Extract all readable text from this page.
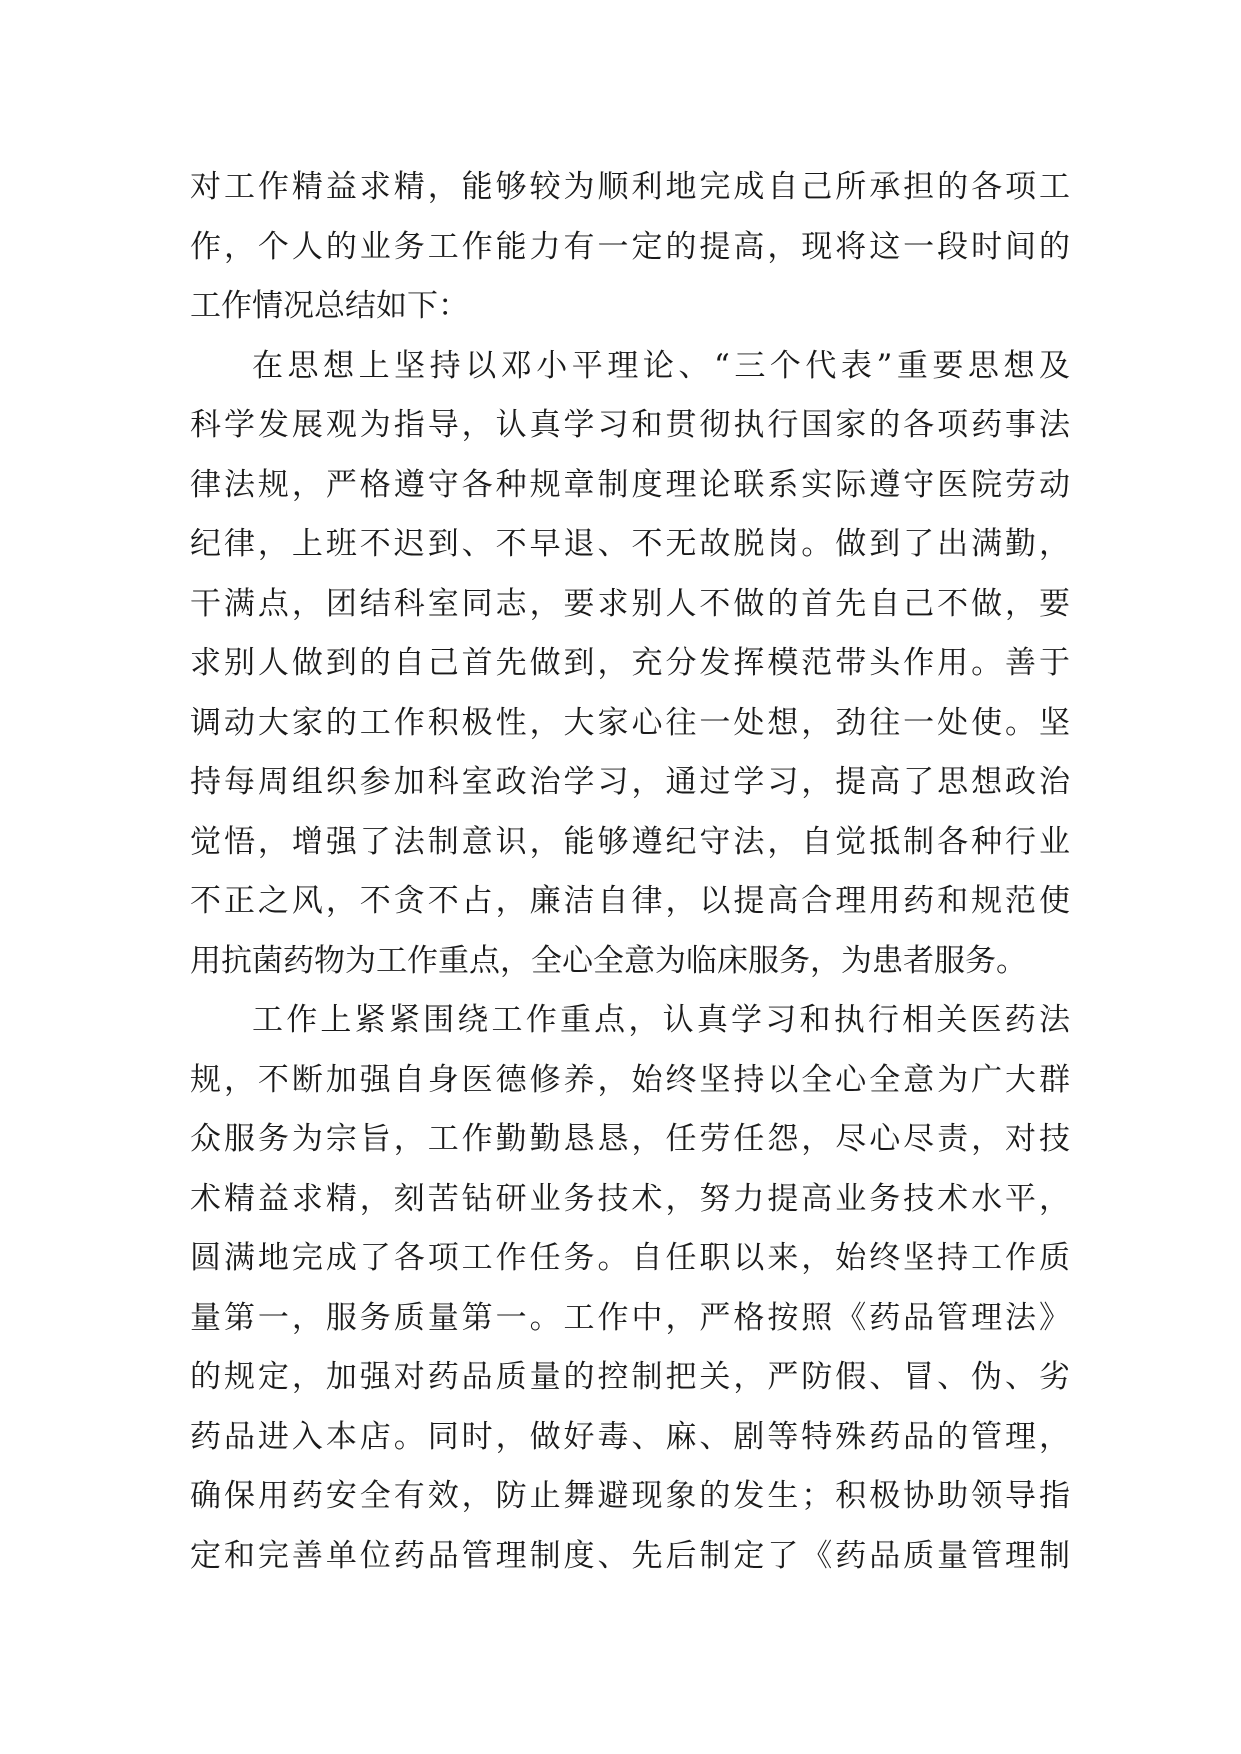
对工作精益求精，能够较为顺利地完成自己所承担的各项工
作，个人的业务工作能力有一定的提高，现将这一段时间的
工作情况总结如下：
在思想上坚持以邓小平理论、“三个代表”重要思想及
科学发展观为指导，认真学习和贯彻执行国家的各项药事法
律法规，严格遵守各种规章制度理论联系实际遵守医院劳动
纪律，上班不迟到、不早退、不无故脱岗。做到了出满勤，
干满点，团结科室同志，要求别人不做的首先自己不做，要
求别人做到的自己首先做到，充分发挥模范带头作用。善于
调动大家的工作积极性，大家心往一处想，劲往一处使。坚
持每周组织参加科室政治学习，通过学习，提高了思想政治
觉悟，增强了法制意识，能够遵纪守法，自觉抵制各种行业
不正之风，不贪不占，廉洁自律，以提高合理用药和规范使
用抗菌药物为工作重点，全心全意为临床服务，为患者服务。
工作上紧紧围绕工作重点，认真学习和执行相关医药法
规，不断加强自身医德修养，始终坚持以全心全意为广大群
众服务为宗旨，工作勤勤恳恳，任劳任怨，尽心尽责，对技
术精益求精，刻苦钻研业务技术，努力提高业务技术水平，
圆满地完成了各项工作任务。自任职以来，始终坚持工作质
量第一，服务质量第一。工作中，严格按照《药品管理法》
的规定，加强对药品质量的控制把关，严防假、冒、伪、劣
药品进入本店。同时，做好毒、麻、剧等特殊药品的管理，
确保用药安全有效，防止舞避现象的发生；积极协助领导指
定和完善单位药品管理制度、先后制定了《药品质量管理制
